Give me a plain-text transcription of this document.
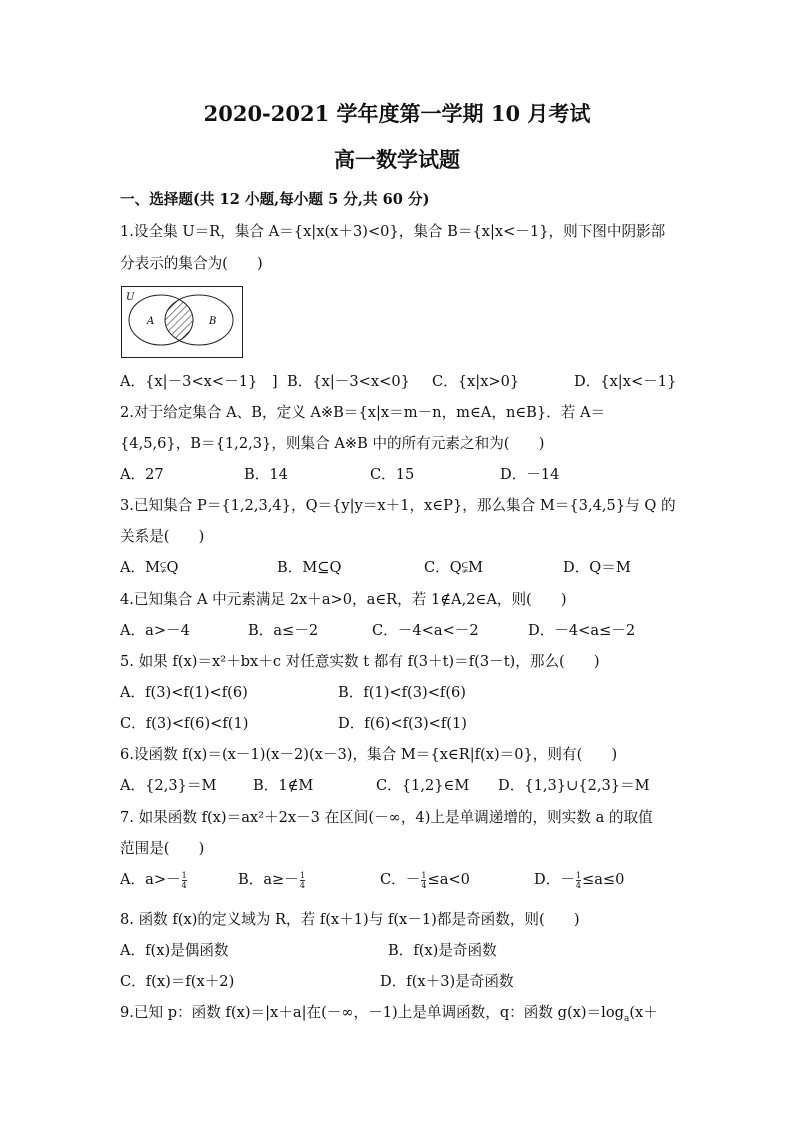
2020-2021 学年度第一学期 10 月考试
高一数学试题
一、选择题(共 12 小题,每小题 5 分,共 60 分)
1.设全集 U＝R，集合 A＝{x|x(x＋3)<0}，集合 B＝{x|x<－1}，则下图中阴影部
分表示的集合为(　　)
U
A	B
A．{x|－3<x<－1}　] B．{x|－3<x<0} C．{x|x>0}	D．{x|x<－1}
2.对于给定集合 A、B，定义 A※B＝{x|x＝m－n，m∈A，n∈B}．若 A＝
{4,5,6}，B＝{1,2,3}，则集合 A※B 中的所有元素之和为(　　)
A．27	B．14	C．15	D．－14
3.已知集合 P＝{1,2,3,4}，Q＝{y|y＝x＋1，x∈P}，那么集合 M＝{3,4,5}与 Q 的
关系是(　　)
A．M⫋Q	B．M⊆Q	C．Q⫋M	D．Q＝M
4.已知集合 A 中元素满足 2x＋a>0，a∈R，若 1∉A,2∈A，则(　　)
A．a>－4	B．a≤－2	C．－4<a<－2	D．－4<a≤－2
5. 如果 f(x)＝x²＋bx＋c 对任意实数 t 都有 f(3＋t)＝f(3－t)，那么(　　)
A．f(3)<f(1)<f(6)	B．f(1)<f(3)<f(6)
C．f(3)<f(6)<f(1)	D．f(6)<f(3)<f(1)
6.设函数 f(x)＝(x－1)(x－2)(x－3)，集合 M＝{x∈R|f(x)＝0}，则有(　　)
A．{2,3}＝M	B．1∉M	C．{1,2}∈M D．{1,3}∪{2,3}＝M
7. 如果函数 f(x)＝ax²＋2x－3 在区间(－∞，4)上是单调递增的，则实数 a 的取值
范围是(　　)
A．$a>- \frac{1}{4}$	B．$a\ge- \frac{1}{4}$	C．－ $\frac{1}{4} \le a<0$	D．－ $\frac{1}{4} \le a\le 0$
8. 函数 f(x)的定义域为 R，若 f(x＋1)与 f(x－1)都是奇函数，则(　　)
A．f(x)是偶函数	B．f(x)是奇函数
C．f(x)＝f(x＋2)	D．f(x＋3)是奇函数
9.已知 p：函数 f(x)＝|x＋a|在(－∞，－1)上是单调函数，q：函数 $g(x)=\log_a(x+$
